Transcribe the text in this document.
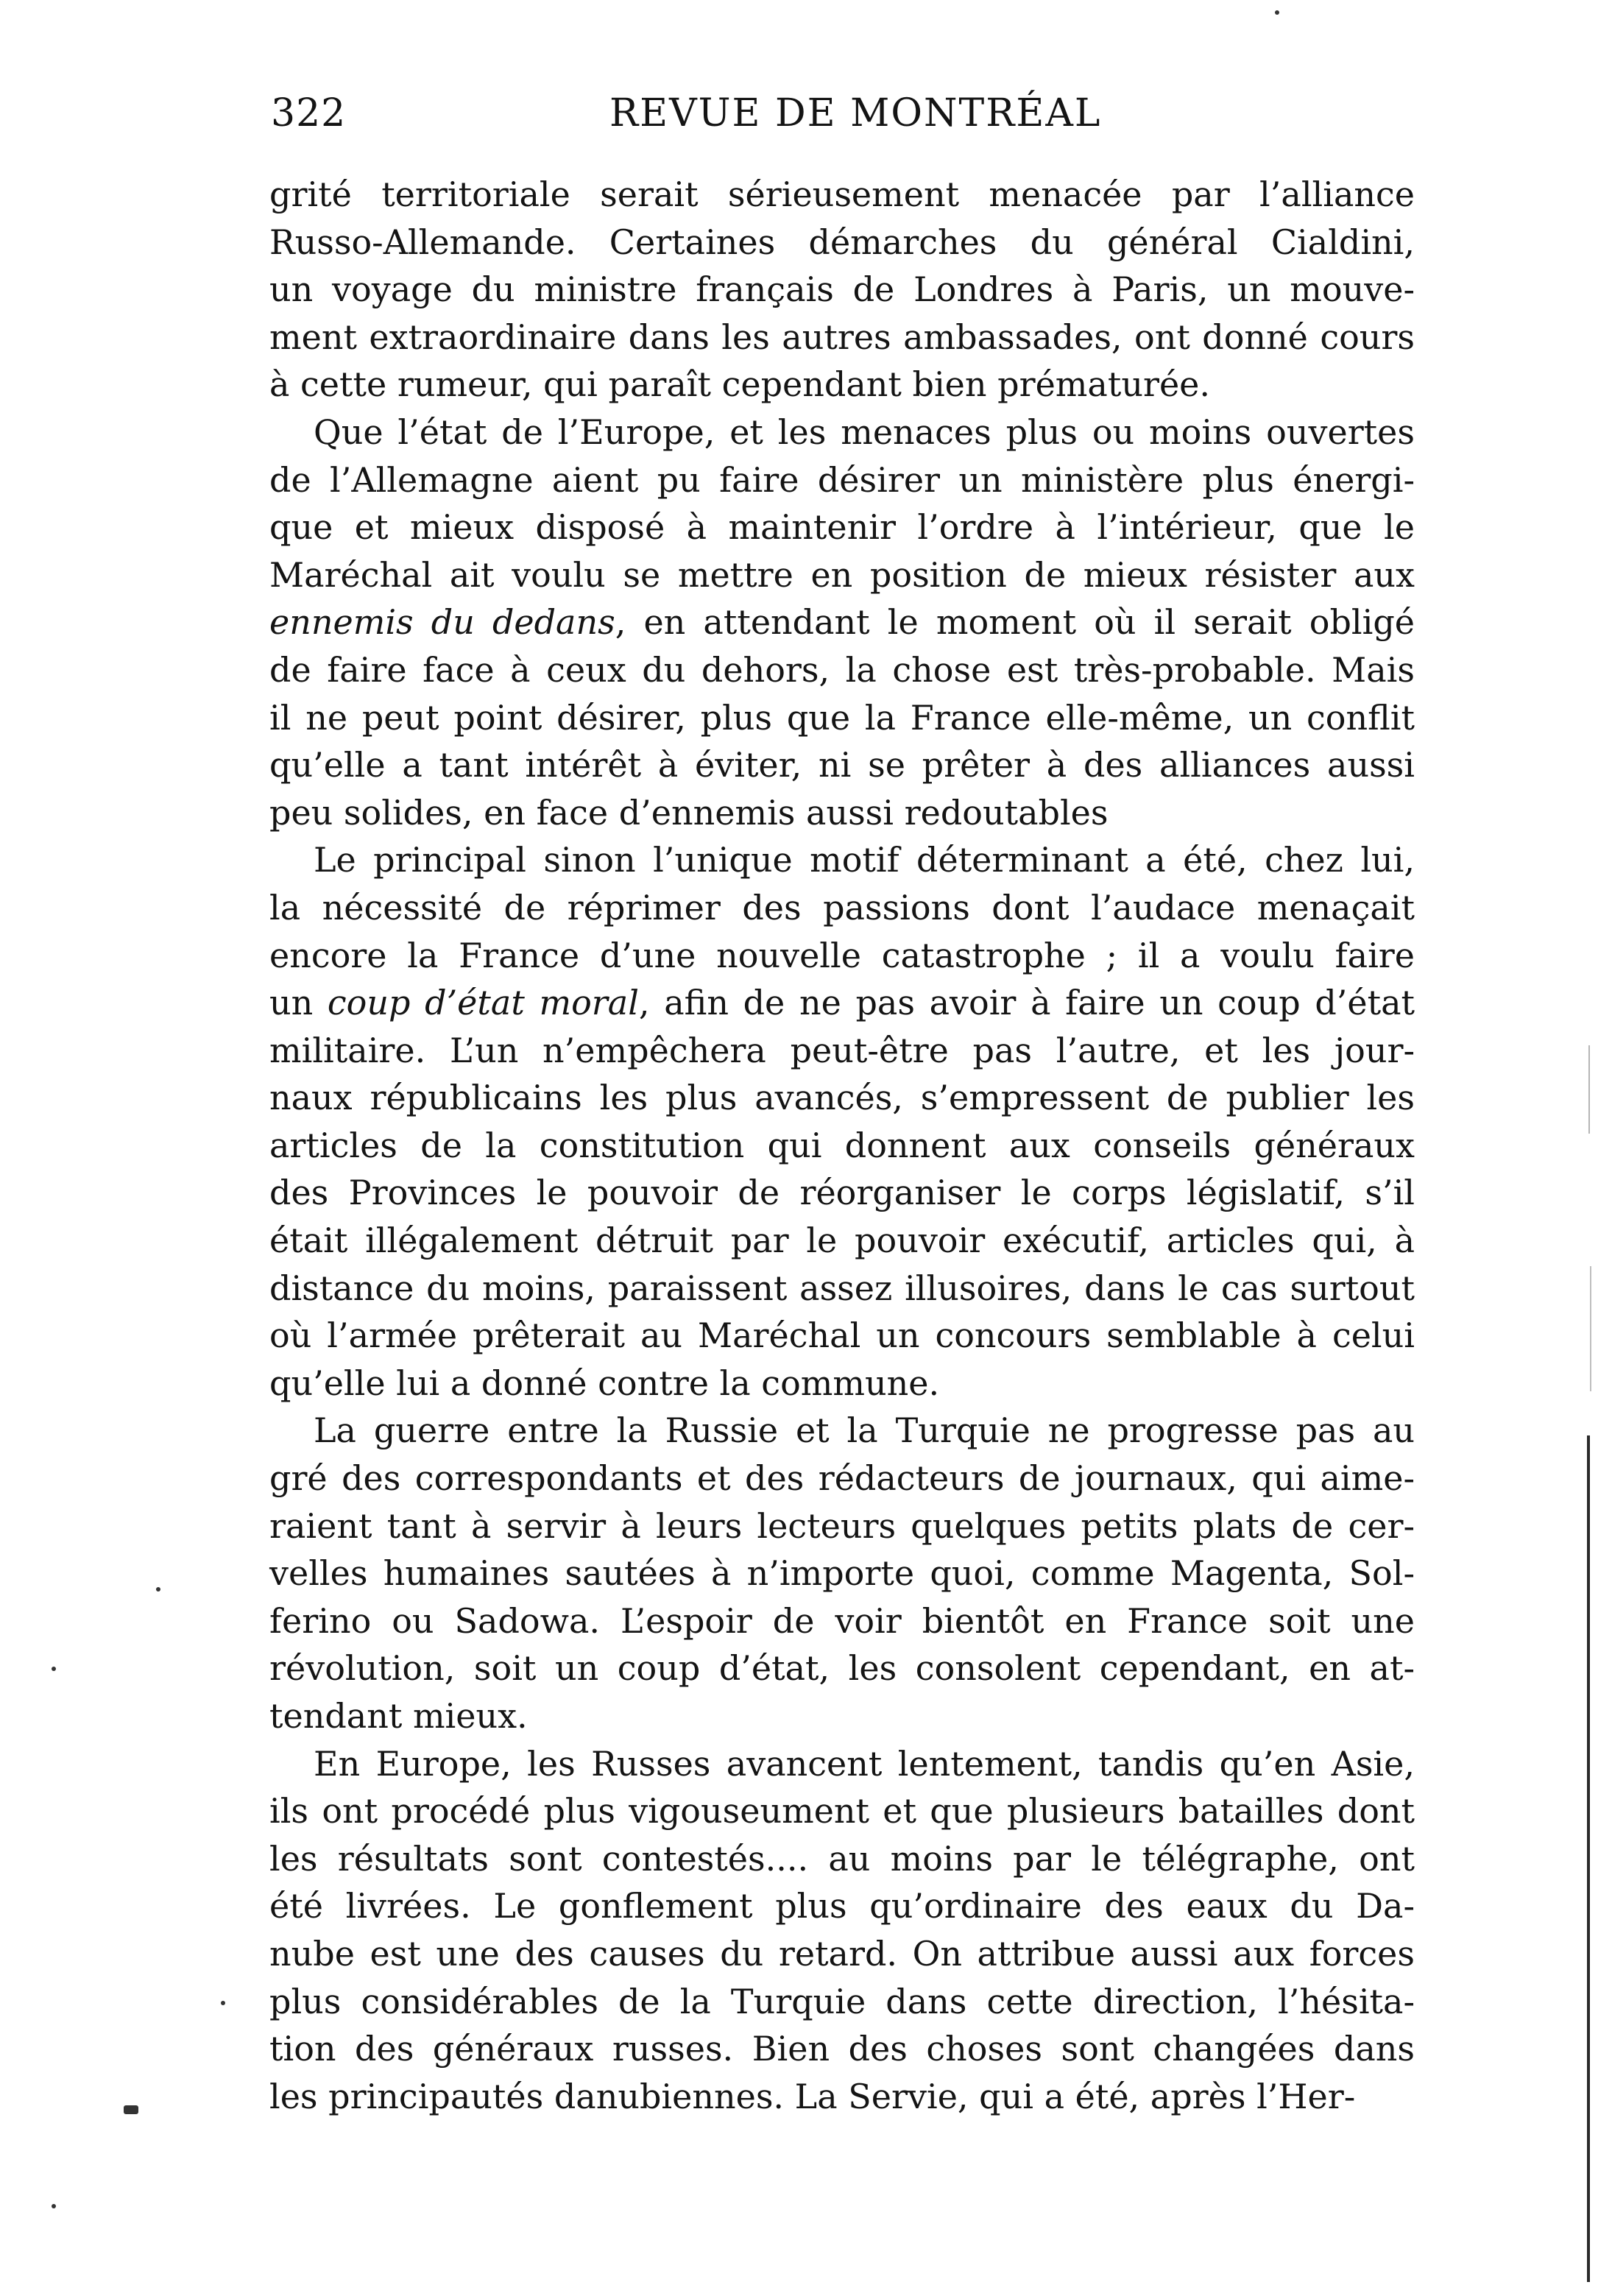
322	REVUE DE MONTRÉAL
grité territoriale serait sérieusement menacée par l’alliance
Russo-Allemande. Certaines démarches du général Cialdini,
un voyage du ministre français de Londres à Paris, un mouve-
ment extraordinaire dans les autres ambassades, ont donné cours
à cette rumeur, qui paraît cependant bien prématurée.
Que l’état de l’Europe, et les menaces plus ou moins ouvertes
de l’Allemagne aient pu faire désirer un ministère plus énergi-
que et mieux disposé à maintenir l’ordre à l’intérieur, que le
Maréchal ait voulu se mettre en position de mieux résister aux
ennemis du dedans, en attendant le moment où il serait obligé
de faire face à ceux du dehors, la chose est très-probable. Mais
il ne peut point désirer, plus que la France elle-même, un conflit
qu’elle a tant intérêt à éviter, ni se prêter à des alliances aussi
peu solides, en face d’ennemis aussi redoutables
Le principal sinon l’unique motif déterminant a été, chez lui,
la nécessité de réprimer des passions dont l’audace menaçait
encore la France d’une nouvelle catastrophe ; il a voulu faire
un coup d’état moral, afin de ne pas avoir à faire un coup d’état
militaire. L’un n’empêchera peut-être pas l’autre, et les jour-
naux républicains les plus avancés, s’empressent de publier les
articles de la constitution qui donnent aux conseils généraux
des Provinces le pouvoir de réorganiser le corps législatif, s’il
était illégalement détruit par le pouvoir exécutif, articles qui, à
distance du moins, paraissent assez illusoires, dans le cas surtout
où l’armée prêterait au Maréchal un concours semblable à celui
qu’elle lui a donné contre la commune.
La guerre entre la Russie et la Turquie ne progresse pas au
gré des correspondants et des rédacteurs de journaux, qui aime-
raient tant à servir à leurs lecteurs quelques petits plats de cer-
velles humaines sautées à n’importe quoi, comme Magenta, Sol-
ferino ou Sadowa. L’espoir de voir bientôt en France soit une
révolution, soit un coup d’état, les consolent cependant, en at-
tendant mieux.
En Europe, les Russes avancent lentement, tandis qu’en Asie,
ils ont procédé plus vigouseument et que plusieurs batailles dont
les résultats sont contestés.... au moins par le télégraphe, ont
été livrées. Le gonflement plus qu’ordinaire des eaux du Da-
nube est une des causes du retard. On attribue aussi aux forces
plus considérables de la Turquie dans cette direction, l’hésita-
tion des généraux russes. Bien des choses sont changées dans
les principautés danubiennes. La Servie, qui a été, après l’Her-
